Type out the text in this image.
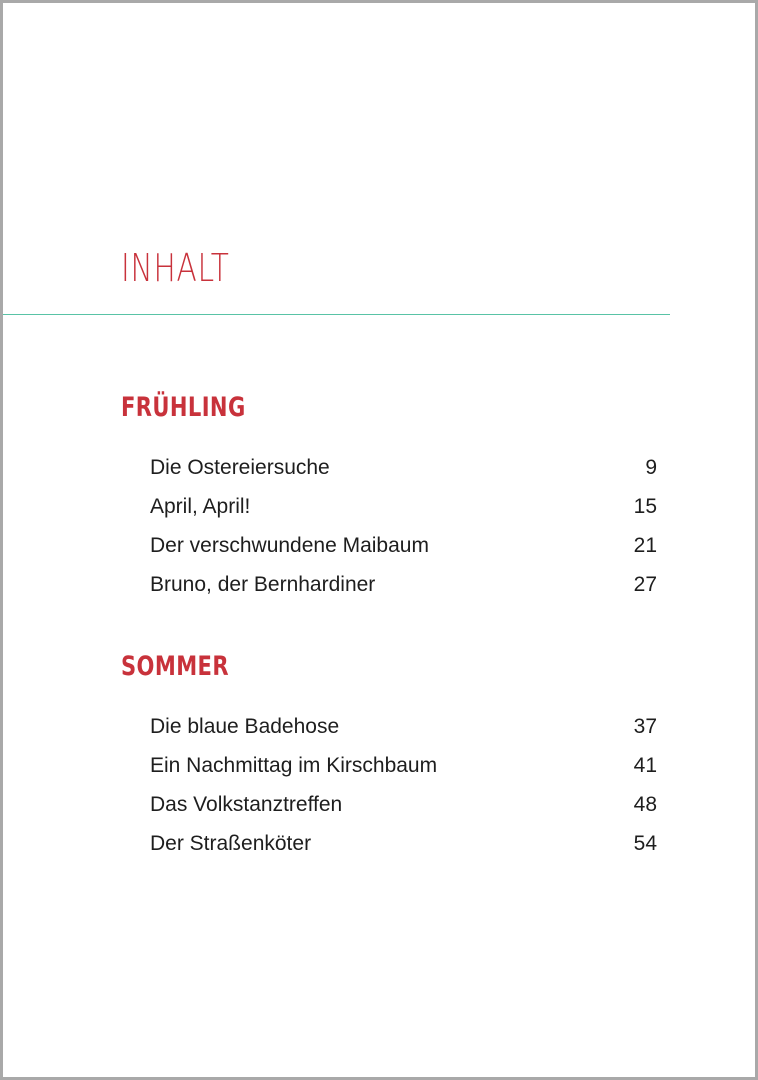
INHALT
FRÜHLING
Die Ostereiersuche	9
April, April!	15
Der verschwundene Maibaum	21
Bruno, der Bernhardiner	27
SOMMER
Die blaue Badehose	37
Ein Nachmittag im Kirschbaum	41
Das Volkstanztreffen	48
Der Straßenköter	54
